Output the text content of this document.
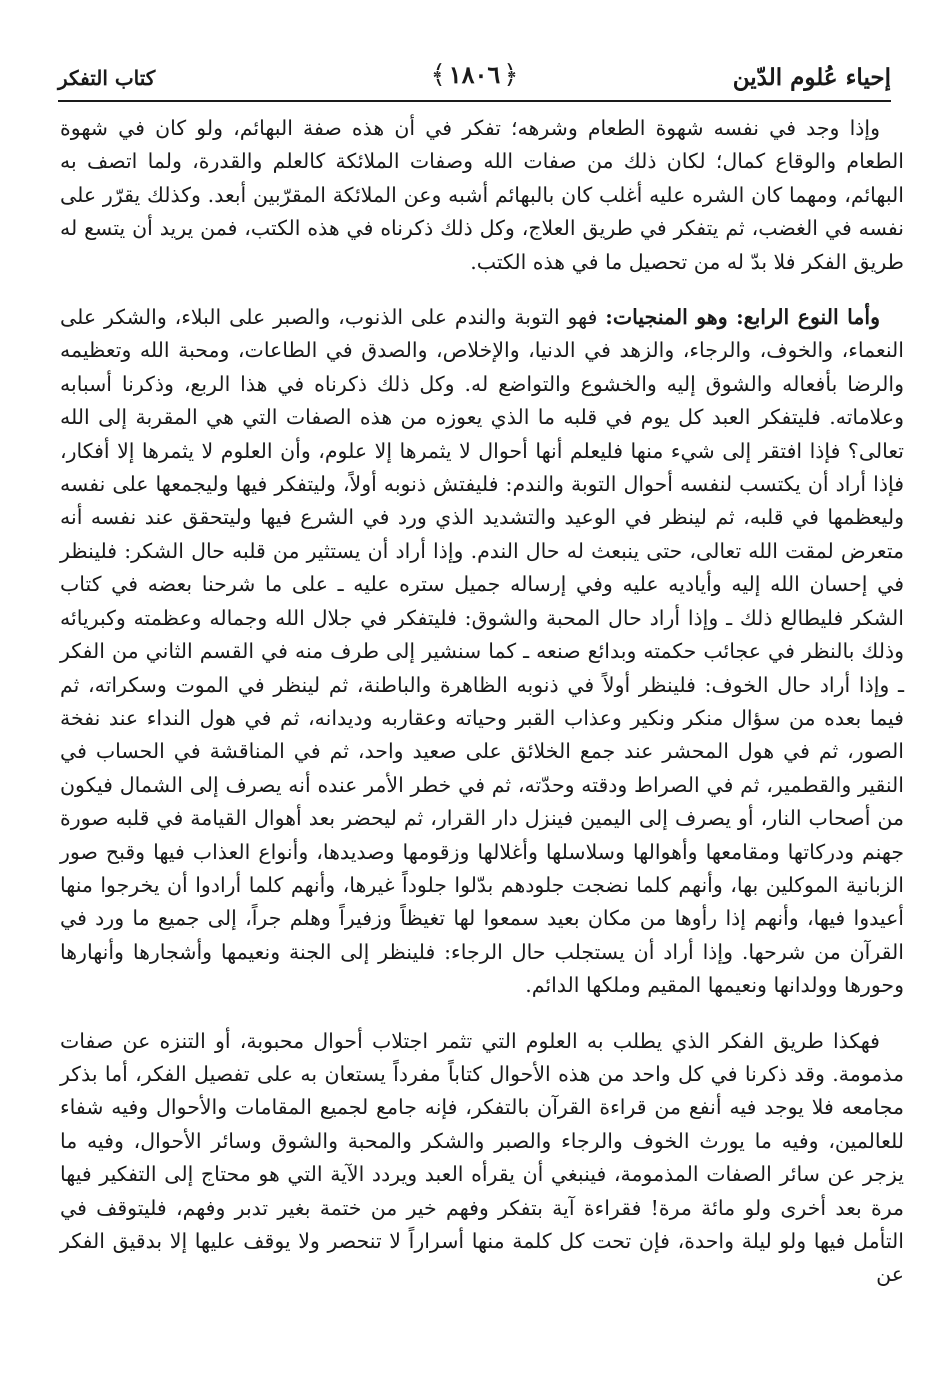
إحياء عُلوم الدّين
﴿١٨٠٦﴾
كتاب التفكر

وإذا وجد في نفسه شهوة الطعام وشرهه؛ تفكر في أن هذه صفة البهائم، ولو كان في شهوة الطعام والوقاع كمال؛ لكان ذلك من صفات الله وصفات الملائكة كالعلم والقدرة، ولما اتصف به البهائم، ومهما كان الشره عليه أغلب كان بالبهائم أشبه وعن الملائكة المقرّبين أبعد. وكذلك يقرّر على نفسه في الغضب، ثم يتفكر في طريق العلاج، وكل ذلك ذكرناه في هذه الكتب، فمن يريد أن يتسع له طريق الفكر فلا بدّ له من تحصيل ما في هذه الكتب.

وأما النوع الرابع: وهو المنجيات: فهو التوبة والندم على الذنوب، والصبر على البلاء، والشكر على النعماء، والخوف، والرجاء، والزهد في الدنيا، والإخلاص، والصدق في الطاعات، ومحبة الله وتعظيمه والرضا بأفعاله والشوق إليه والخشوع والتواضع له. وكل ذلك ذكرناه في هذا الربع، وذكرنا أسبابه وعلاماته. فليتفكر العبد كل يوم في قلبه ما الذي يعوزه من هذه الصفات التي هي المقربة إلى الله تعالى؟ فإذا افتقر إلى شيء منها فليعلم أنها أحوال لا يثمرها إلا علوم، وأن العلوم لا يثمرها إلا أفكار، فإذا أراد أن يكتسب لنفسه أحوال التوبة والندم: فليفتش ذنوبه أولاً، وليتفكر فيها وليجمعها على نفسه وليعظمها في قلبه، ثم لينظر في الوعيد والتشديد الذي ورد في الشرع فيها وليتحقق عند نفسه أنه متعرض لمقت الله تعالى، حتى ينبعث له حال الندم. وإذا أراد أن يستثير من قلبه حال الشكر: فلينظر في إحسان الله إليه وأياديه عليه وفي إرساله جميل ستره عليه ـ على ما شرحنا بعضه في كتاب الشكر فليطالع ذلك ـ وإذا أراد حال المحبة والشوق: فليتفكر في جلال الله وجماله وعظمته وكبريائه وذلك بالنظر في عجائب حكمته وبدائع صنعه ـ كما سنشير إلى طرف منه في القسم الثاني من الفكر ـ وإذا أراد حال الخوف: فلينظر أولاً في ذنوبه الظاهرة والباطنة، ثم لينظر في الموت وسكراته، ثم فيما بعده من سؤال منكر ونكير وعذاب القبر وحياته وعقاربه وديدانه، ثم في هول النداء عند نفخة الصور، ثم في هول المحشر عند جمع الخلائق على صعيد واحد، ثم في المناقشة في الحساب في النقير والقطمير، ثم في الصراط ودقته وحدّته، ثم في خطر الأمر عنده أنه يصرف إلى الشمال فيكون من أصحاب النار، أو يصرف إلى اليمين فينزل دار القرار، ثم ليحضر بعد أهوال القيامة في قلبه صورة جهنم ودركاتها ومقامعها وأهوالها وسلاسلها وأغلالها وزقومها وصديدها، وأنواع العذاب فيها وقبح صور الزبانية الموكلين بها، وأنهم كلما نضجت جلودهم بدّلوا جلوداً غيرها، وأنهم كلما أرادوا أن يخرجوا منها أعيدوا فيها، وأنهم إذا رأوها من مكان بعيد سمعوا لها تغيظاً وزفيراً وهلم جراً، إلى جميع ما ورد في القرآن من شرحها. وإذا أراد أن يستجلب حال الرجاء: فلينظر إلى الجنة ونعيمها وأشجارها وأنهارها وحورها وولدانها ونعيمها المقيم وملكها الدائم.

فهكذا طريق الفكر الذي يطلب به العلوم التي تثمر اجتلاب أحوال محبوبة، أو التنزه عن صفات مذمومة. وقد ذكرنا في كل واحد من هذه الأحوال كتاباً مفرداً يستعان به على تفصيل الفكر، أما بذكر مجامعه فلا يوجد فيه أنفع من قراءة القرآن بالتفكر، فإنه جامع لجميع المقامات والأحوال وفيه شفاء للعالمين، وفيه ما يورث الخوف والرجاء والصبر والشكر والمحبة والشوق وسائر الأحوال، وفيه ما يزجر عن سائر الصفات المذمومة، فينبغي أن يقرأه العبد ويردد الآية التي هو محتاج إلى التفكير فيها مرة بعد أخرى ولو مائة مرة! فقراءة آية بتفكر وفهم خير من ختمة بغير تدبر وفهم، فليتوقف في التأمل فيها ولو ليلة واحدة، فإن تحت كل كلمة منها أسراراً لا تنحصر ولا يوقف عليها إلا بدقيق الفكر عن
